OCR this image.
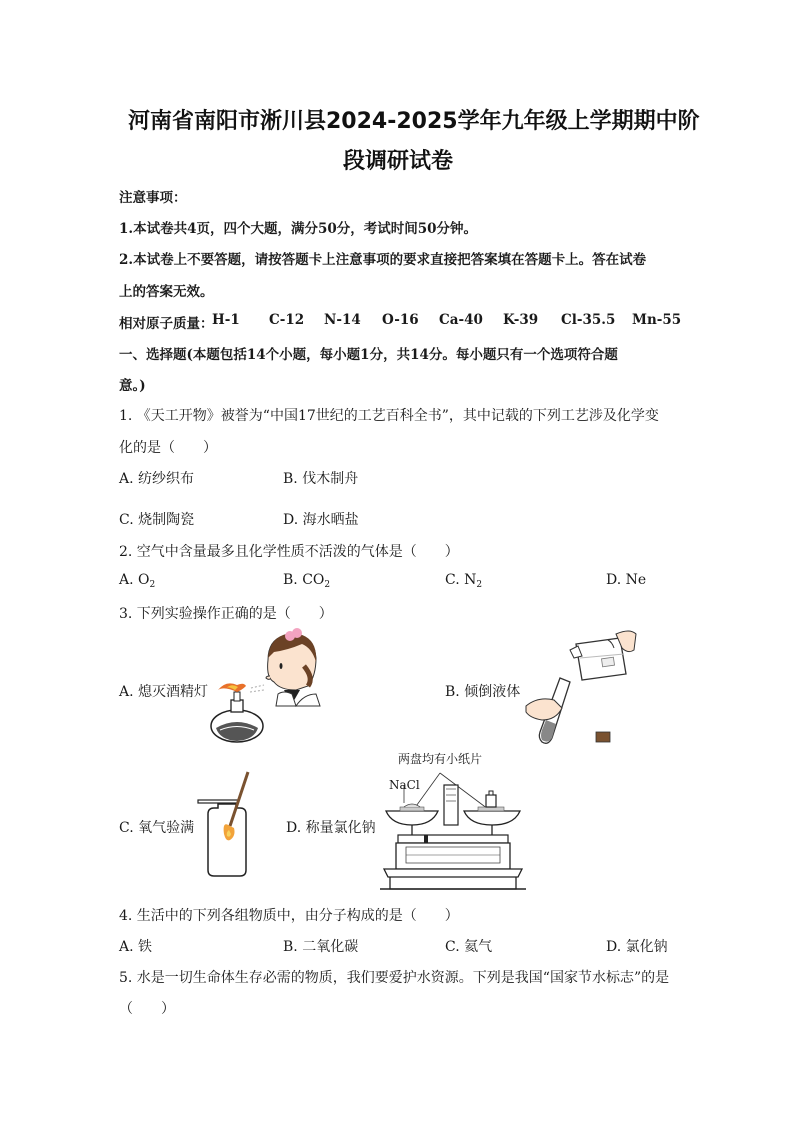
河南省南阳市淅川县2024-2025学年九年级上学期期中阶
段调研试卷
注意事项：
1.本试卷共4页，四个大题，满分50分，考试时间50分钟。
2.本试卷上不要答题，请按答题卡上注意事项的要求直接把答案填在答题卡上。答在试卷
上的答案无效。
相对原子质量：
H-1 C-12 N-14 O-16 Ca-40 K-39 Cl-35.5 Mn-55
一、选择题(本题包括14个小题，每小题1分，共14分。每小题只有一个选项符合题
意。)
1. 《天工开物》被誉为“中国17世纪的工艺百科全书”，其中记载的下列工艺涉及化学变
化的是（　　）
A. 纺纱织布	B. 伐木制舟
C. 烧制陶瓷	D. 海水晒盐
2. 空气中含量最多且化学性质不活泼的气体是（　　）
A. $O_2$	B. $CO_2$	C. $N_2$	D. Ne
3. 下列实验操作正确的是（　　）
A. 熄灭酒精灯	B. 倾倒液体
C. 氧气验满	D. 称量氯化钠
两盘均有小纸片
NaCl
4. 生活中的下列各组物质中，由分子构成的是（　　）
A. 铁	B. 二氧化碳	C. 氦气	D. 氯化钠
5. 水是一切生命体生存必需的物质，我们要爱护水资源。下列是我国“国家节水标志”的是
（　　）
